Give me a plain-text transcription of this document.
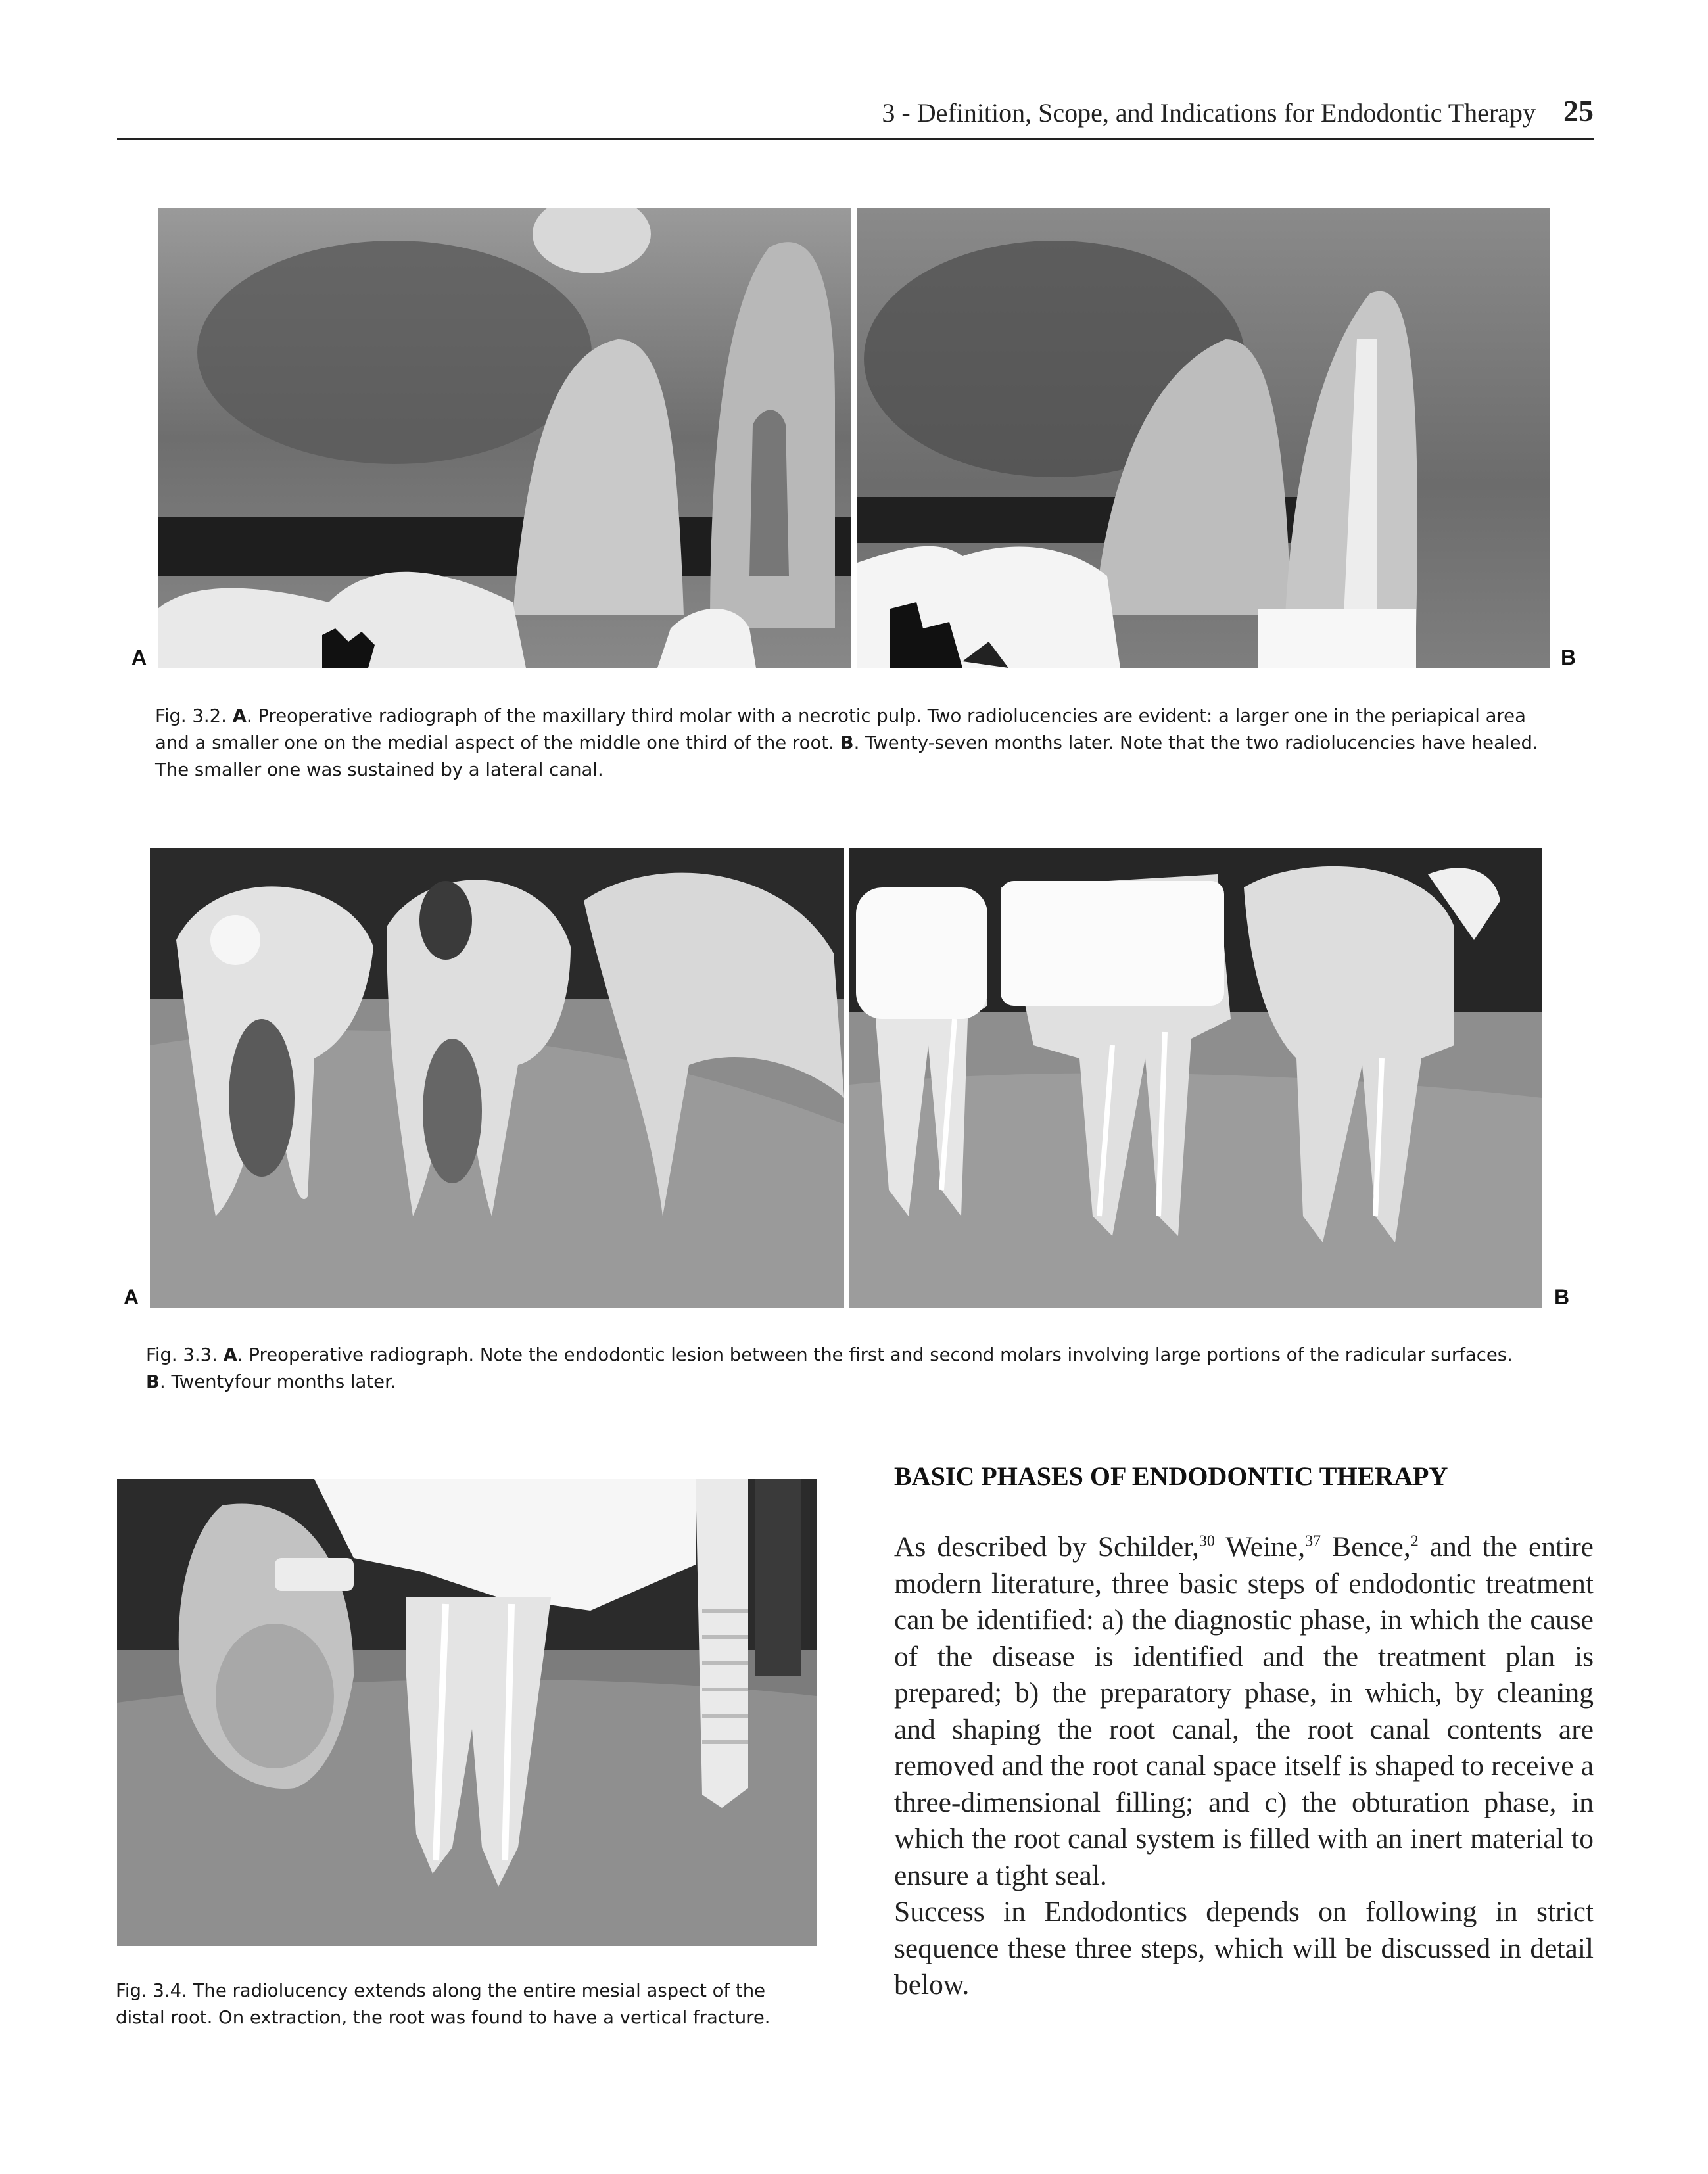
3 - Definition, Scope, and Indications for Endodontic Therapy 25
A	B
Fig. 3.2. A. Preoperative radiograph of the maxillary third molar with a necrotic pulp. Two radiolucencies are evident: a larger one in the periapical area and a smaller one on the medial aspect of the middle one third of the root. B. Twenty-seven months later. Note that the two radiolucencies have healed. The smaller one was sustained by a lateral canal.
A	B
Fig. 3.3. A. Preoperative radiograph. Note the endodontic lesion between the first and second molars involving large portions of the radicular surfaces.
B. Twentyfour months later.
Fig. 3.4. The radiolucency extends along the entire mesial aspect of the distal root. On extraction, the root was found to have a vertical fracture.
BASIC PHASES OF ENDODONTIC THERAPY

As described by Schilder,$^{30}$ Weine,$^{37}$ Bence,$^2$ and the entire modern literature, three basic steps of endodontic treatment can be identified: a) the diagnostic phase, in which the cause of the disease is identified and the treatment plan is prepared; b) the preparatory phase, in which, by cleaning and shaping the root canal, the root canal contents are removed and the root canal space itself is shaped to receive a three-dimensional filling; and c) the obturation phase, in which the root canal system is filled with an inert material to ensure a tight seal.

Success in Endodontics depends on following in strict sequence these three steps, which will be discussed in detail below.
